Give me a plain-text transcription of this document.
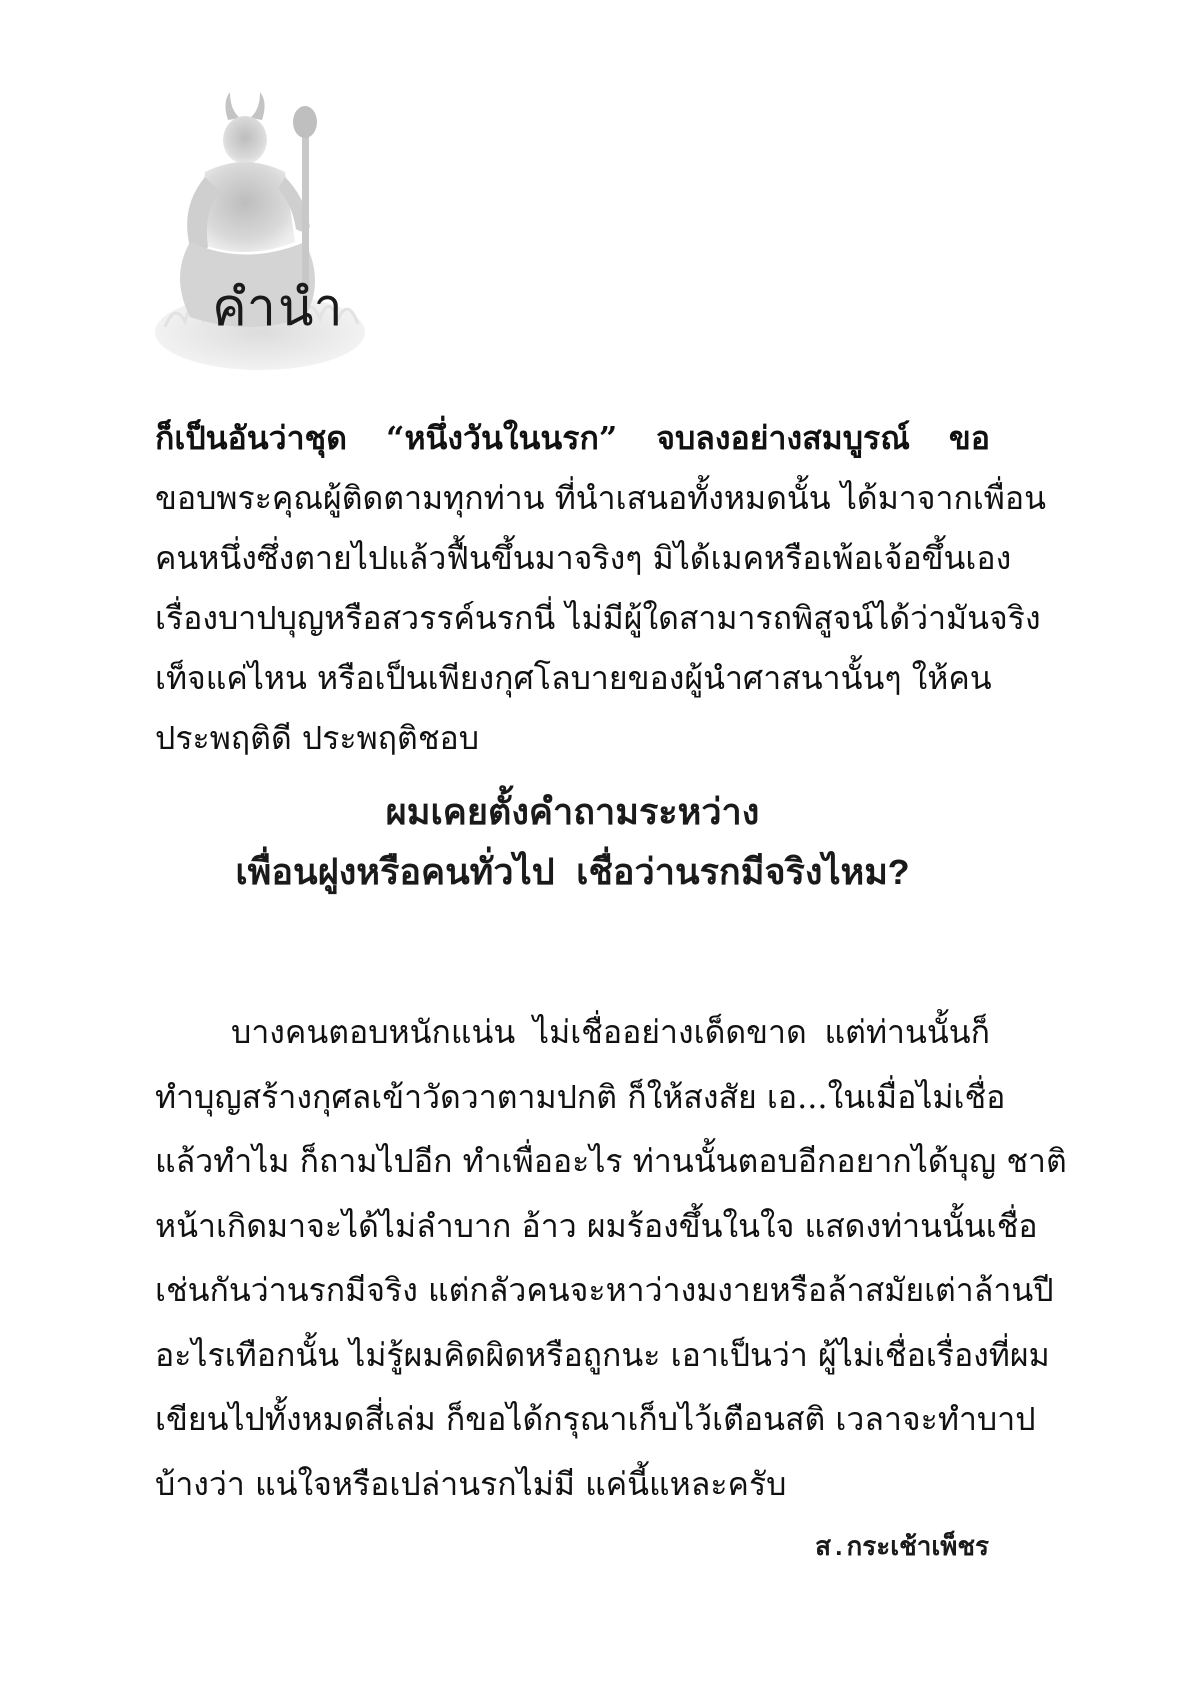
คำนำ
ก็เป็นอันว่าชุด “หนึ่งวันในนรก” จบลงอย่างสมบูรณ์ ขอ
ขอบพระคุณผู้ติดตามทุกท่าน ที่นำเสนอทั้งหมดนั้น ได้มาจากเพื่อน
คนหนึ่งซึ่งตายไปแล้วฟื้นขึ้นมาจริงๆ มิได้เมคหรือเพ้อเจ้อขึ้นเอง
เรื่องบาปบุญหรือสวรรค์นรกนี่ ไม่มีผู้ใดสามารถพิสูจน์ได้ว่ามันจริง
เท็จแค่ไหน หรือเป็นเพียงกุศโลบายของผู้นำศาสนานั้นๆ ให้คน
ประพฤติดี ประพฤติชอบ
ผมเคยตั้งคำถามระหว่าง
เพื่อนฝูงหรือคนทั่วไป เชื่อว่านรกมีจริงไหม?
บางคนตอบหนักแน่น ไม่เชื่ออย่างเด็ดขาด แต่ท่านนั้นก็
ทำบุญสร้างกุศลเข้าวัดวาตามปกติ ก็ให้สงสัย เอ...ในเมื่อไม่เชื่อ
แล้วทำไม ก็ถามไปอีก ทำเพื่ออะไร ท่านนั้นตอบอีกอยากได้บุญ ชาติ
หน้าเกิดมาจะได้ไม่ลำบาก อ้าว ผมร้องขึ้นในใจ แสดงท่านนั้นเชื่อ
เช่นกันว่านรกมีจริง แต่กลัวคนจะหาว่างมงายหรือล้าสมัยเต่าล้านปี
อะไรเทือกนั้น ไม่รู้ผมคิดผิดหรือถูกนะ เอาเป็นว่า ผู้ไม่เชื่อเรื่องที่ผม
เขียนไปทั้งหมดสี่เล่ม ก็ขอได้กรุณาเก็บไว้เตือนสติ เวลาจะทำบาป
บ้างว่า แน่ใจหรือเปล่านรกไม่มี แค่นี้แหละครับ
ส.กระเช้าเพ็ชร
